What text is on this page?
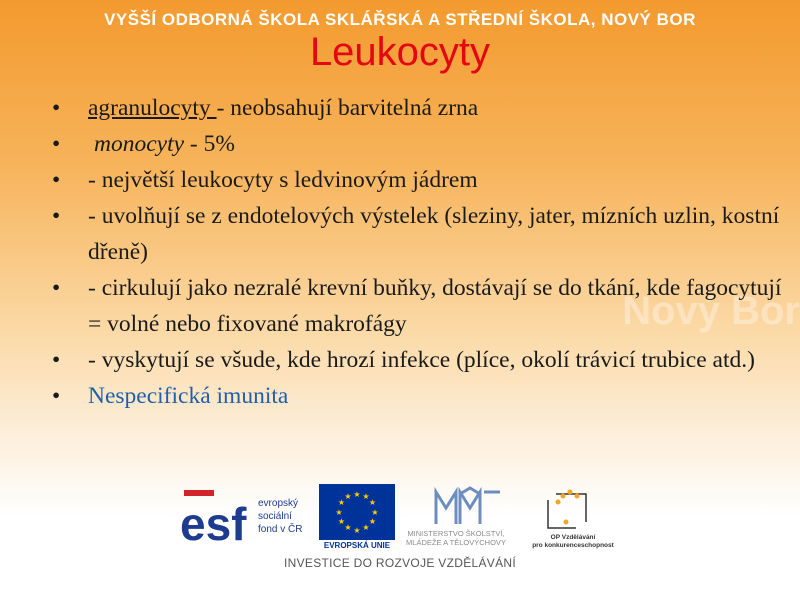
VYŠŠÍ ODBORNÁ ŠKOLA SKLÁŘSKÁ A STŘEDNÍ ŠKOLA, NOVÝ BOR
Leukocyty
Nový Bor
• agranulocyty - neobsahují barvitelná zrna
• monocyty - 5%
• - největší leukocyty s ledvinovým jádrem
• - uvolňují se z endotelových výstelek (sleziny, jater, mízních uzlin, kostní dřeně)
• - cirkulují jako nezralé krevní buňky, dostávají se do tkání, kde fagocytují = volné nebo fixované makrofágy
• - vyskytují se všude, kde hrozí infekce (plíce, okolí trávicí trubice atd.)
• Nespecifická imunita
esf evropský
sociální
fond v ČR
★ ★
★
★
★
★
★
★
★
★
★
★
EVROPSKÁ UNIE
MINISTERSTVO ŠKOLSTVÍ,
MLÁDEŽE A TĚLOVÝCHOVY
OP Vzdělávání
pro konkurenceschopnost
INVESTICE DO ROZVOJE VZDĚLÁVÁNÍ
